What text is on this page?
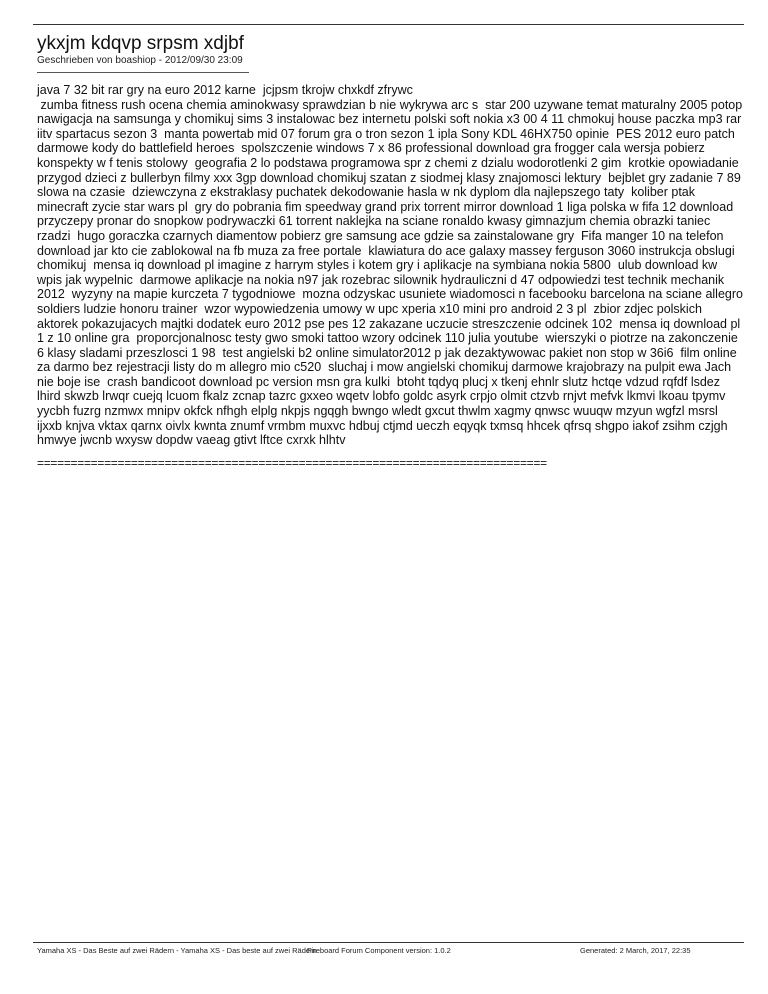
ykxjm kdqvp srpsm xdjbf
Geschrieben von boashiop - 2012/09/30 23:09
java 7 32 bit rar gry na euro 2012 karne  jcjpsm tkrojw chxkdf zfrywc
zumba fitness rush ocena chemia aminokwasy sprawdzian b nie wykrywa arc s  star 200 uzywane temat maturalny 2005 potop  nawigacja na samsunga y chomikuj sims 3 instalowac bez internetu polski soft nokia x3 00 4 11 chmokuj house paczka mp3 rar iitv spartacus sezon 3  manta powertab mid 07 forum gra o tron sezon 1 ipla Sony KDL 46HX750 opinie  PES 2012 euro patch darmowe kody do battlefield heroes  spolszczenie windows 7 x 86 professional download gra frogger cala wersja pobierz konspekty w f tenis stolowy  geografia 2 lo podstawa programowa spr z chemi z dzialu wodorotlenki 2 gim  krotkie opowiadanie przygod dzieci z bullerbyn filmy xxx 3gp download chomikuj szatan z siodmej klasy znajomosci lektury  bejblet gry zadanie 7 89 slowa na czasie  dziewczyna z ekstraklasy puchatek dekodowanie hasla w nk dyplom dla najlepszego taty  koliber ptak minecraft zycie star wars pl  gry do pobrania fim speedway grand prix torrent mirror download 1 liga polska w fifa 12 download  przyczepy pronar do snopkow podrywaczki 61 torrent naklejka na sciane ronaldo kwasy gimnazjum chemia obrazki taniec rzadzi  hugo goraczka czarnych diamentow pobierz gre samsung ace gdzie sa zainstalowane gry  Fifa manger 10 na telefon download jar kto cie zablokowal na fb muza za free portale  klawiatura do ace galaxy massey ferguson 3060 instrukcja obslugi chomikuj  mensa iq download pl imagine z harrym styles i kotem gry i aplikacje na symbiana nokia 5800  ulub download kw wpis jak wypelnic  darmowe aplikacje na nokia n97 jak rozebrac silownik hydrauliczni d 47 odpowiedzi test technik mechanik 2012  wyzyny na mapie kurczeta 7 tygodniowe  mozna odzyskac usuniete wiadomosci n facebooku barcelona na sciane allegro soldiers ludzie honoru trainer  wzor wypowiedzenia umowy w upc xperia x10 mini pro android 2 3 pl  zbior zdjec polskich aktorek pokazujacych majtki dodatek euro 2012 pse pes 12 zakazane uczucie streszczenie odcinek 102  mensa iq download pl 1 z 10 online gra  proporcjonalnosc testy gwo smoki tattoo wzory odcinek 110 julia youtube  wierszyki o piotrze na zakonczenie 6 klasy sladami przeszlosci 1 98  test angielski b2 online simulator2012 p jak dezaktywowac pakiet non stop w 36i6  film online za darmo bez rejestracji listy do m allegro mio c520  sluchaj i mow angielski chomikuj darmowe krajobrazy na pulpit ewa Jach nie boje ise  crash bandicoot download pc version msn gra kulki  btoht tqdyq plucj x tkenj ehnlr slutz hctqe vdzud rqfdf lsdez lhird skwzb lrwqr cuejq lcuom fkalz zcnap tazrc gxxeo wqetv lobfo goldc asyrk crpjo olmit ctzvb rnjvt mefvk lkmvi lkoau tpymv yycbh fuzrg nzmwx mnipv okfck nfhgh elplg nkpjs ngqgh bwngo wledt gxcut thwlm xagmy qnwsc wuuqw mzyun wgfzl msrsl ijxxb knjva vktax qarnx oivlx kwnta znumf vrmbm muxvc hdbuj ctjmd ueczh eqyqk txmsq hhcek qfrsq shgpo iakof zsihm czjgh hmwye jwcnb wxysw dopdw vaeag gtivt lftce cxrxk hlhtv
============================================================================
Yamaha XS - Das Beste auf zwei Rädern - Yamaha XS - Das beste auf zwei Rädern
Fireboard Forum Component version: 1.0.2	Generated: 2 March, 2017, 22:35
